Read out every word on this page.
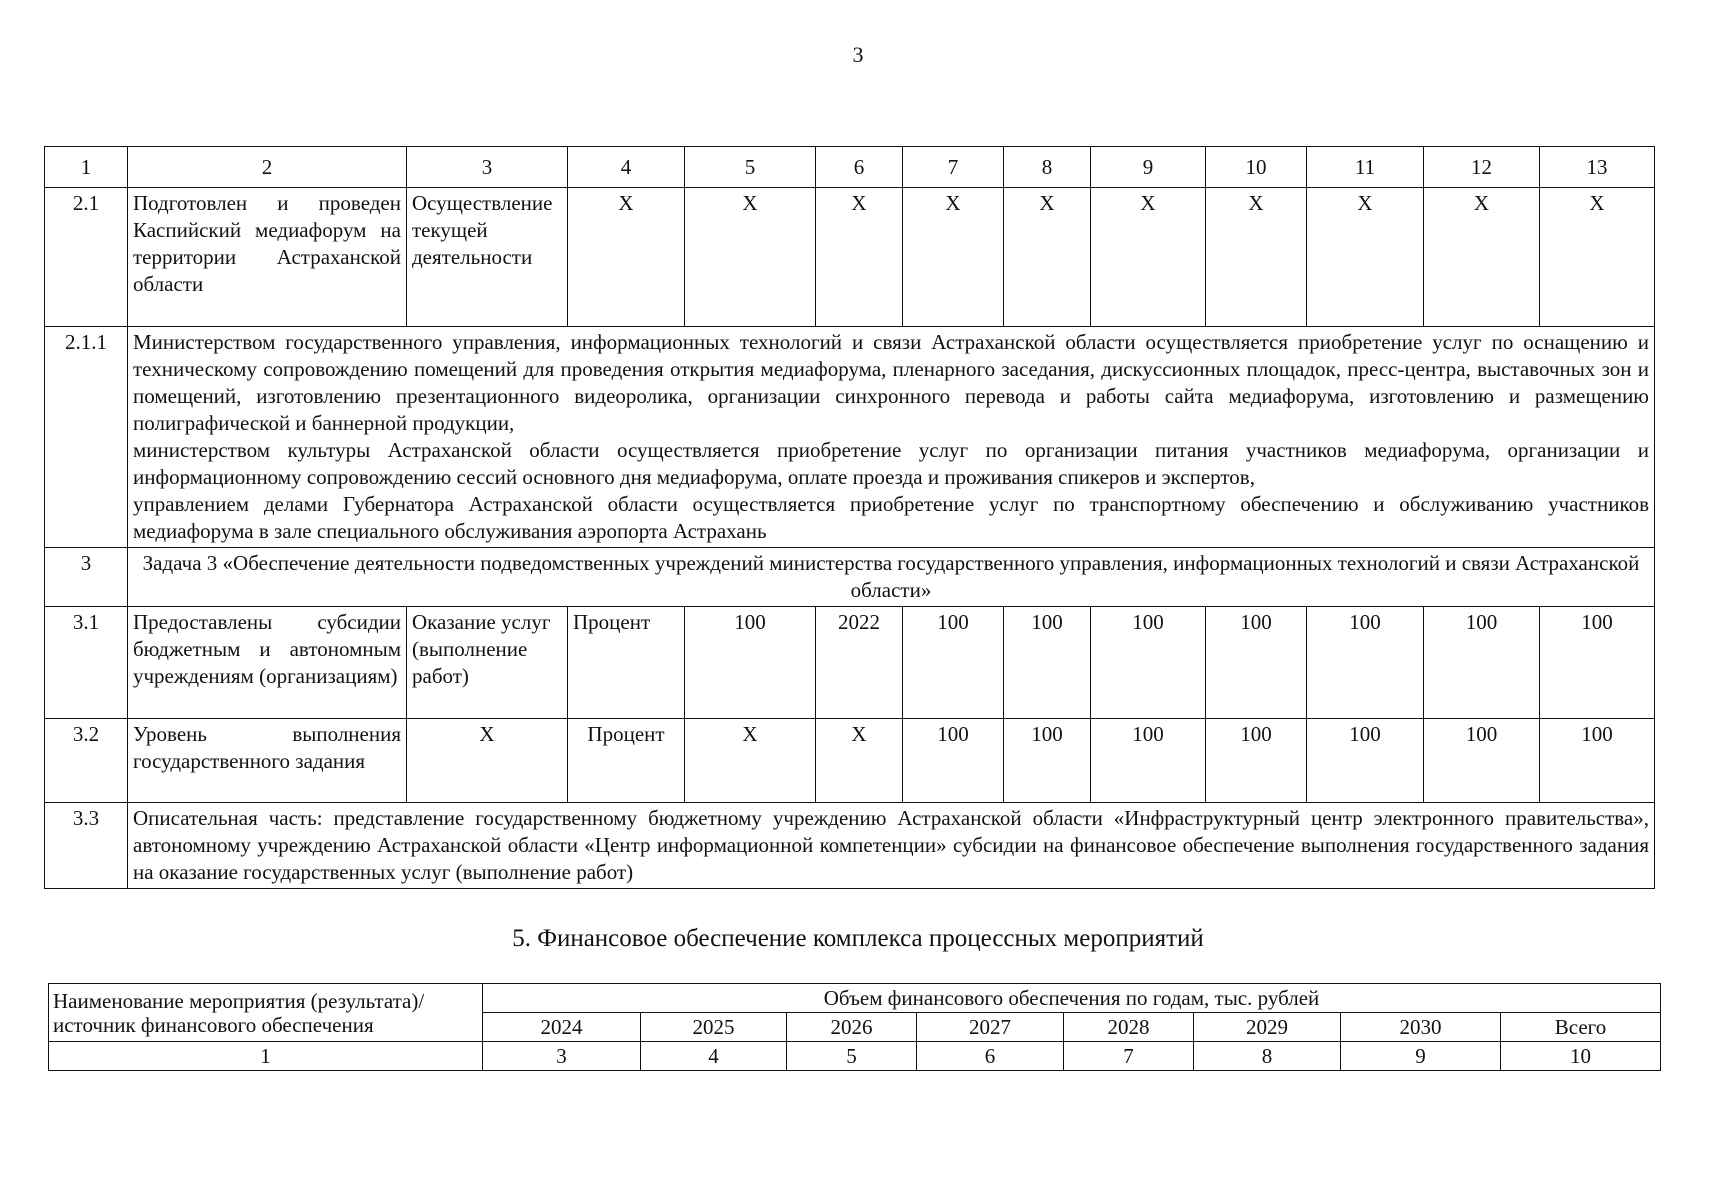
3
1	2	3	4	5	6	7	8	9	10	11	12	13
2.1	Подготовлен и проведен Каспийский медиафорум на территории Астраханской области	Осуществление текущей деятельности	X	X	X	X	X	X	X	X	X	X
2.1.1	Министерством государственного управления, информационных технологий и связи Астраханской области осуществляется приобретение услуг по оснащению и техническому сопровождению помещений для проведения открытия медиафорума, пленарного заседания, дискуссионных площадок, пресс-центра, выставочных зон и помещений, изготовлению презентационного видеоролика, организации синхронного перевода и работы сайта медиафорума, изготовлению и размещению полиграфической и баннерной продукции,
министерством культуры Астраханской области осуществляется приобретение услуг по организации питания участников медиафорума, организации и информационному сопровождению сессий основного дня медиафорума, оплате проезда и проживания спикеров и экспертов,
управлением делами Губернатора Астраханской области осуществляется приобретение услуг по транспортному обеспечению и обслуживанию участников медиафорума в зале специального обслуживания аэропорта Астрахань											

3	Задача 3 «Обеспечение деятельности подведомственных учреждений министерства государственного управления, информационных технологий и связи Астраханской области»											
3.1	Предоставлены субсидии бюджетным и автономным учреждениям (организациям)	Оказание услуг (выполнение работ)	Процент	100	2022	100	100	100	100	100	100	100
3.2	Уровень выполнения государственного задания	X	Процент	X	X	100	100	100	100	100	100	100
3.3	Описательная часть: представление государственному бюджетному учреждению Астраханской области «Инфраструктурный центр электронного правительства», автономному учреждению Астраханской области «Центр информационной компетенции» субсидии на финансовое обеспечение выполнения государственного задания на оказание государственных услуг (выполнение работ)											
5. Финансовое обеспечение комплекса процессных мероприятий
Наименование мероприятия (результата)/источник финансового обеспечения	Объем финансового обеспечения по годам, тыс. рублей							
	2024	2025	2026	2027	2028	2029	2030	Всего
1	3	4	5	6	7	8	9	10
